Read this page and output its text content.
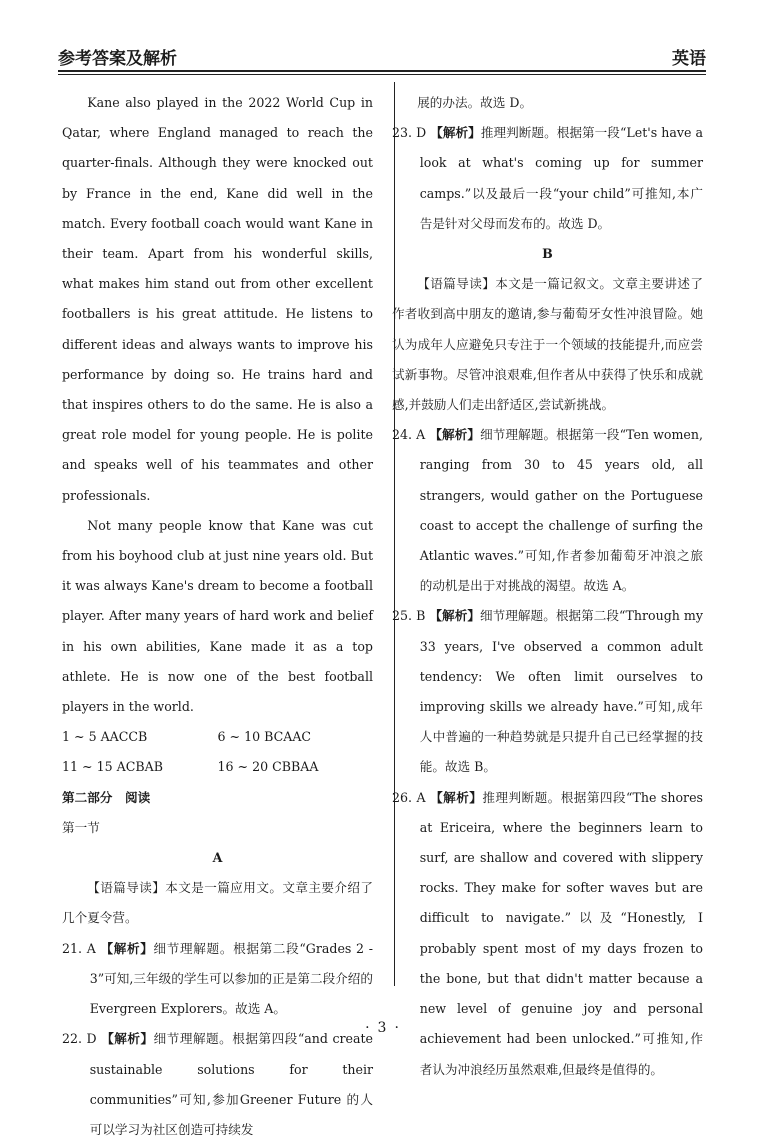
参考答案及解析	英语

Kane also played in the 2022 World Cup in Qatar, where England managed to reach the quarter-finals. Although they were knocked out by France in the end, Kane did well in the match. Every football coach would want Kane in their team. Apart from his wonderful skills, what makes him stand out from other excellent footballers is his great attitude. He listens to different ideas and always wants to improve his performance by doing so. He trains hard and that inspires others to do the same. He is also a great role model for young people. He is polite and speaks well of his teammates and other professionals.

Not many people know that Kane was cut from his boyhood club at just nine years old. But it was always Kane's dream to become a football player. After many years of hard work and belief in his own abilities, Kane made it as a top athlete. He is now one of the best football players in the world.

1 ~ 5 AACCB	6 ~ 10 BCAAC
11 ~ 15 ACBAB	16 ~ 20 CBBAA
第二部分　阅读
第一节
A

【语篇导读】本文是一篇应用文。文章主要介绍了几个夏令营。

21. A 【解析】细节理解题。根据第二段“Grades 2 - 3”可知,三年级的学生可以参加的正是第二段介绍的Evergreen Explorers。故选 A。

22. D 【解析】细节理解题。根据第四段“and create sustainable solutions for their communities”可知,参加Greener Future 的人可以学习为社区创造可持续发

展的办法。故选 D。

23. D 【解析】推理判断题。根据第一段“Let's have a look at what's coming up for summer camps.”以及最后一段“your child”可推知,本广告是针对父母而发布的。故选 D。

B

【语篇导读】本文是一篇记叙文。文章主要讲述了作者收到高中朋友的邀请,参与葡萄牙女性冲浪冒险。她认为成年人应避免只专注于一个领域的技能提升,而应尝试新事物。尽管冲浪艰难,但作者从中获得了快乐和成就感,并鼓励人们走出舒适区,尝试新挑战。

24. A 【解析】细节理解题。根据第一段“Ten women, ranging from 30 to 45 years old, all strangers, would gather on the Portuguese coast to accept the challenge of surfing the Atlantic waves.”可知,作者参加葡萄牙冲浪之旅的动机是出于对挑战的渴望。故选 A。

25. B 【解析】细节理解题。根据第二段“Through my 33 years, I've observed a common adult tendency: We often limit ourselves to improving skills we already have.”可知,成年人中普遍的一种趋势就是只提升自己已经掌握的技能。故选 B。

26. A 【解析】推理判断题。根据第四段“The shores at Ericeira, where the beginners learn to surf, are shallow and covered with slippery rocks. They make for softer waves but are difficult to navigate.”以及“Honestly, I probably spent most of my days frozen to the bone, but that didn't matter because a new level of genuine joy and personal achievement had been unlocked.”可推知,作者认为冲浪经历虽然艰难,但最终是值得的。

· 3 ·
